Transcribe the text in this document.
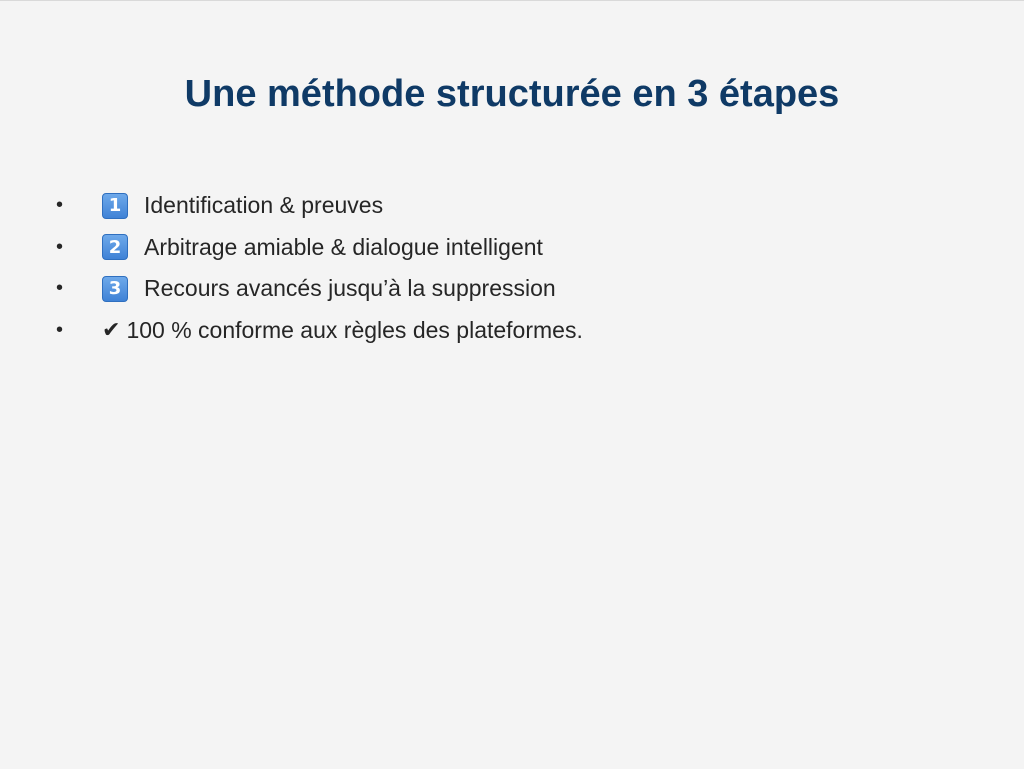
Une méthode structurée en 3 étapes
•	1 Identification & preuves
•	2 Arbitrage amiable & dialogue intelligent
•	3 Recours avancés jusqu’à la suppression
•	✔ 100 % conforme aux règles des plateformes.
